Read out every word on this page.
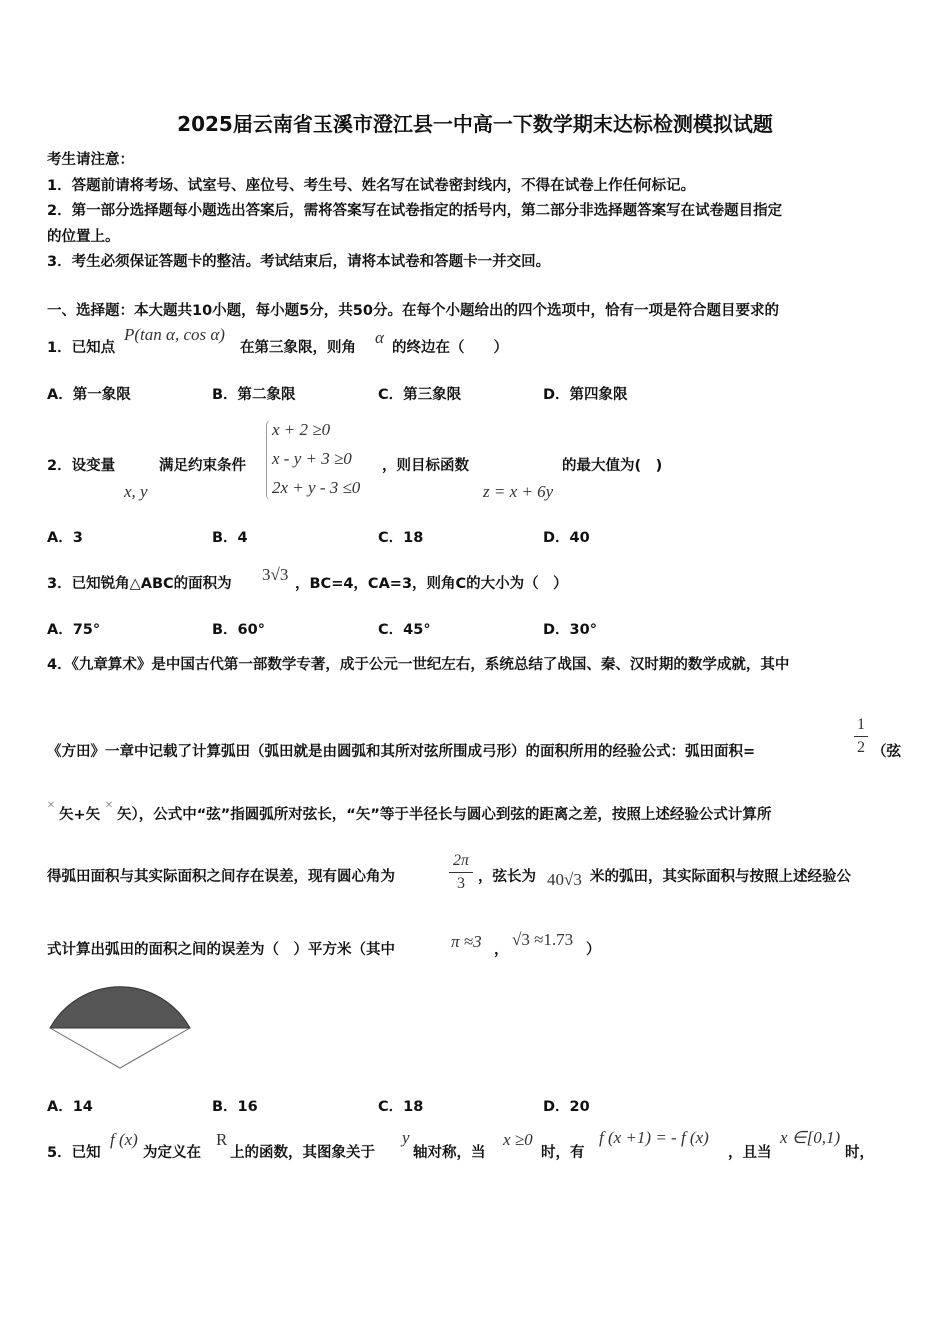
2025届云南省玉溪市澄江县一中高一下数学期末达标检测模拟试题
考生请注意：
1．答题前请将考场、试室号、座位号、考生号、姓名写在试卷密封线内，不得在试卷上作任何标记。
2．第一部分选择题每小题选出答案后，需将答案写在试卷指定的括号内，第二部分非选择题答案写在试卷题目指定
的位置上。
3．考生必须保证答题卡的整洁。考试结束后，请将本试卷和答题卡一并交回。
一、选择题：本大题共10小题，每小题5分，共50分。在每个小题给出的四个选项中，恰有一项是符合题目要求的
1．已知点
P(tan α, cos α)
在第三象限，则角
α
的终边在（　　）
A．第一象限	B．第二象限	C．第三象限	D．第四象限
2．设变量
x, y
满足约束条件
x + 2 ≥0
x - y + 3 ≥0
2x + y - 3 ≤0
，则目标函数
z = x + 6y
的最大值为(　)
A．3	B．4	C．18	D．40
3．已知锐角△ABC的面积为 3√3 ，BC=4，CA=3，则角C的大小为（　）
A．75°	B．60°	C．45°	D．30°
4．《九章算术》是中国古代第一部数学专著，成于公元一世纪左右，系统总结了战国、秦、汉时期的数学成就，其中
《方田》一章中记载了计算弧田（弧田就是由圆弧和其所对弦所围成弓形）的面积所用的经验公式：弧田面积=
1
2 （弦
×
矢+矢
×
矢），公式中“弦”指圆弧所对弦长，“矢”等于半径长与圆心到弦的距离之差，按照上述经验公式计算所
得弧田面积与其实际面积之间存在误差，现有圆心角为
2π
3 ，弦长为 40√3 米的弧田，其实际面积与按照上述经验公
式计算出弧田的面积之间的误差为（　）平方米（其中	π ≈3 ，
√3 ≈1.73
）
A．14	B．16	C．18	D．20
5．已知
f (x)
为定义在
R
上的函数，其图象关于
y
轴对称，当
x ≥0
时，有
f (x +1) = - f (x)
，且当
x ∈[0,1)
时，
